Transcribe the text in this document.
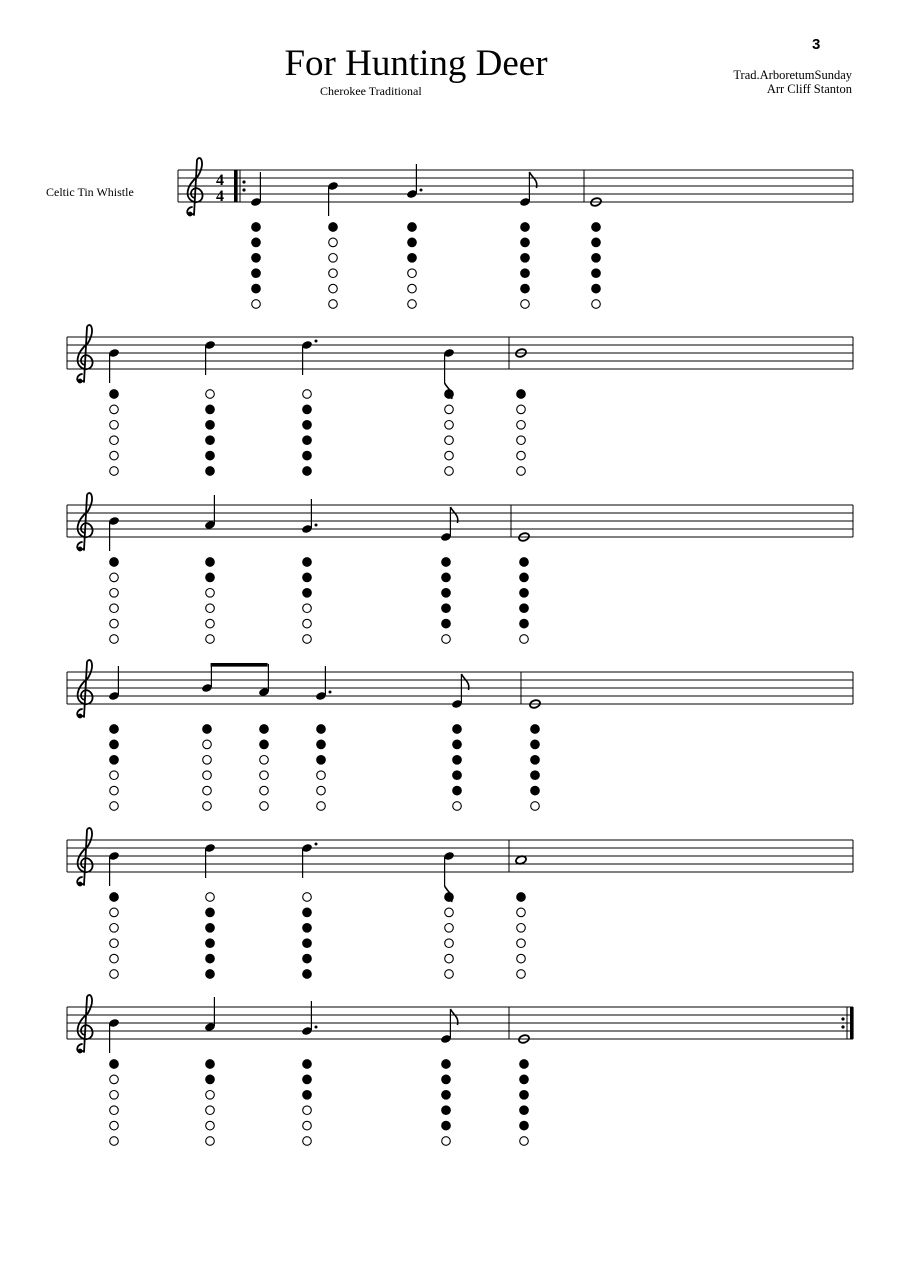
3
For Hunting Deer
Cherokee Traditional
Trad.ArboretumSunday
Arr Cliff Stanton
Celtic Tin Whistle
4
4
